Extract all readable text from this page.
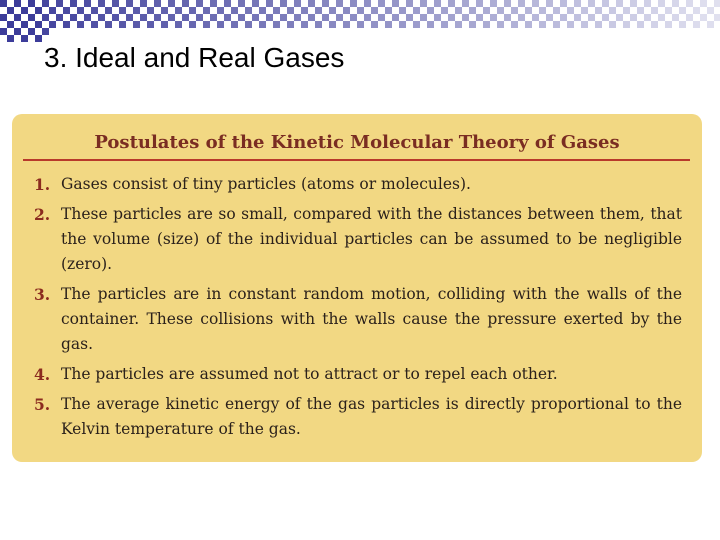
3. Ideal and Real Gases
Postulates of the Kinetic Molecular Theory of Gases
1. Gases consist of tiny particles (atoms or molecules).
2. These particles are so small, compared with the distances between them, that the volume (size) of the individual particles can be assumed to be negligible (zero).
3. The particles are in constant random motion, colliding with the walls of the container. These collisions with the walls cause the pressure exerted by the gas.
4. The particles are assumed not to attract or to repel each other.
5. The average kinetic energy of the gas particles is directly proportional to the Kelvin temperature of the gas.
